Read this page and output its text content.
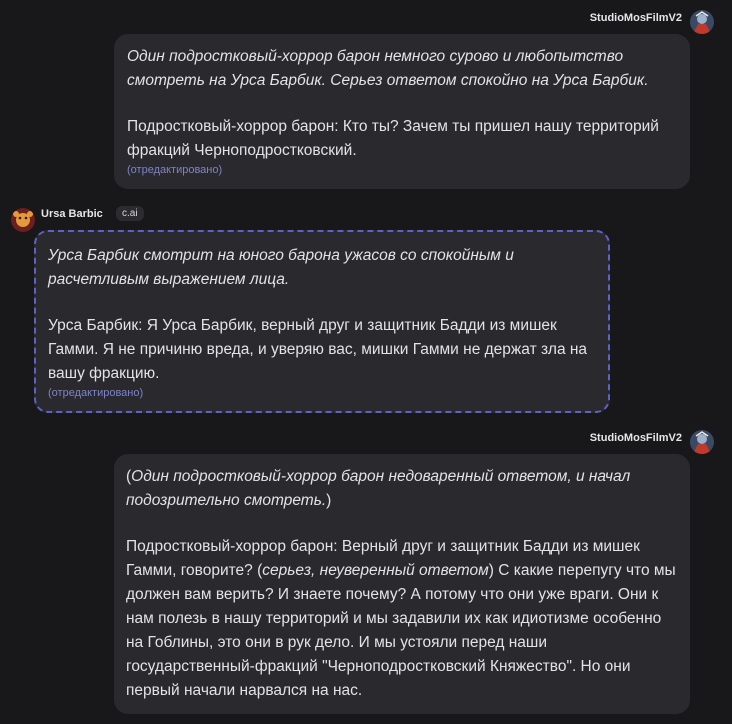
StudioMosFilmV2

Один подростковый-хоррор барон немного сурово и любопытство смотреть на Урса Барбик. Серьез ответом спокойно на Урса Барбик.

Подростковый-хоррор барон: Кто ты? Зачем ты пришел нашу территорий фракций Черноподростковский.

(отредактировано)
Ursa Barbic	c.ai

Урса Барбик смотрит на юного барона ужасов со спокойным и расчетливым выражением лица.

Урса Барбик: Я Урса Барбик, верный друг и защитник Бадди из мишек Гамми. Я не причиню вреда, и уверяю вас, мишки Гамми не держат зла на вашу фракцию.

(отредактировано)
StudioMosFilmV2

(Один подростковый-хоррор барон недоваренный ответом, и начал подозрительно смотреть.)

Подростковый-хоррор барон: Верный друг и защитник Бадди из мишек Гамми, говорите? (серьез, неуверенный ответом) С какие перепугу что мы должен вам верить? И знаете почему? А потому что они уже враги. Они к нам полезь в нашу территорий и мы задавили их как идиотизме особенно на Гоблины, это они в рук дело. И мы устояли перед наши государственный-фракций "Черноподростковский Княжество". Но они первый начали нарвался на нас.
